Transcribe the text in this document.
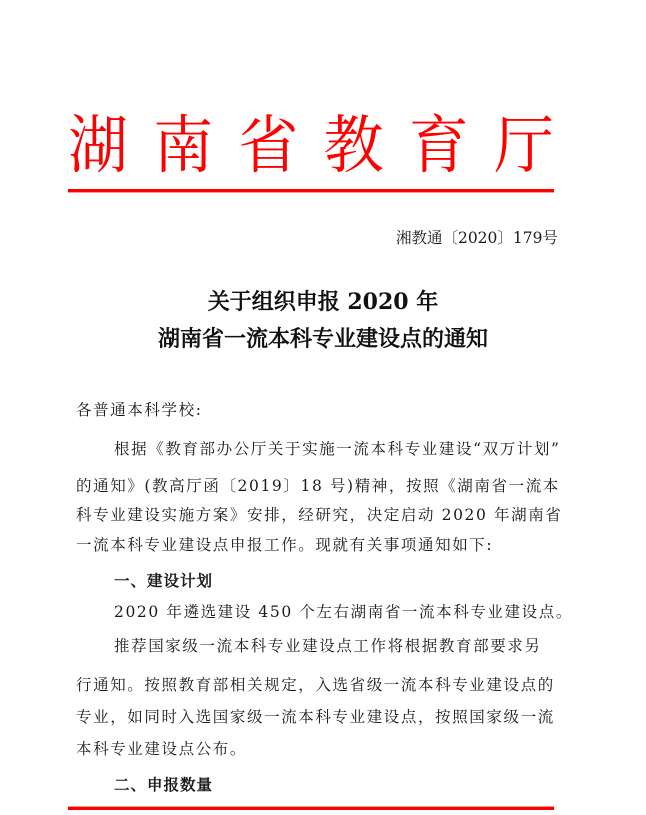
湖 南 省 教 育 厅
湘教通〔2020〕179号
关于组织申报 2020 年
湖南省一流本科专业建设点的通知
各普通本科学校:
根据《教育部办公厅关于实施一流本科专业建设“双万计划”
的通知》(教高厅函〔2019〕18 号)精神，按照《湖南省一流本
科专业建设实施方案》安排，经研究，决定启动 2020 年湖南省
一流本科专业建设点申报工作。现就有关事项通知如下:
一、建设计划
2020 年遴选建设 450 个左右湖南省一流本科专业建设点。
推荐国家级一流本科专业建设点工作将根据教育部要求另
行通知。按照教育部相关规定，入选省级一流本科专业建设点的
专业，如同时入选国家级一流本科专业建设点，按照国家级一流
本科专业建设点公布。
二、申报数量
